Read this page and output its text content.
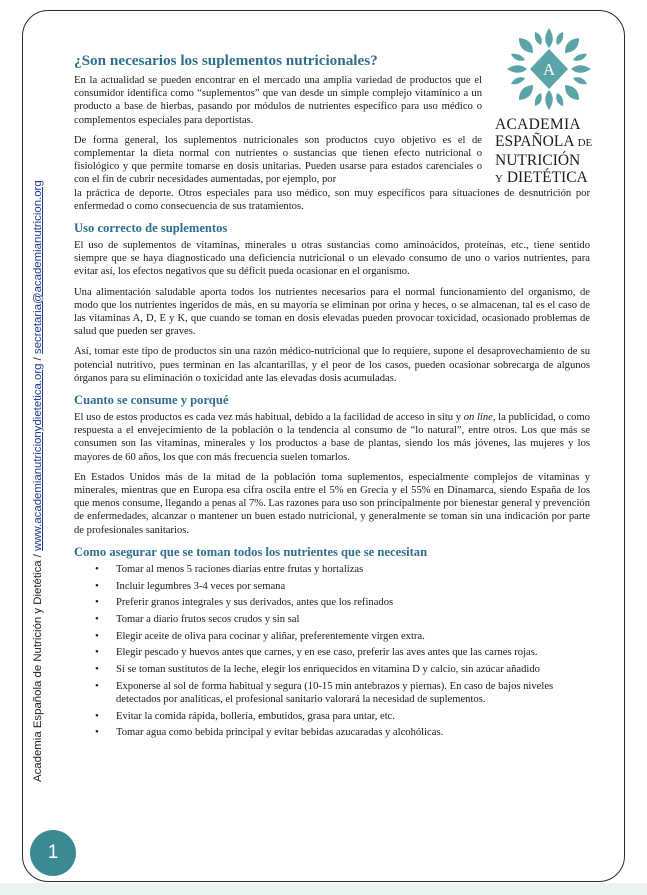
Academia Española de Nutrición y Dietética / www.academianutricionydietetica.org / secretaria@academianutricion.org
1
A
ACADEMIA
ESPAÑOLA DE
NUTRICIÓN
Y DIETÉTICA
¿Son necesarios los suplementos nutricionales?

En la actualidad se pueden encontrar en el mercado una amplia variedad de productos que el consumidor identifica como “suplementos” que van desde un simple complejo vitamínico a un producto a base de hierbas, pasando por módulos de nutrientes específico para uso médico o complementos especiales para deportistas.

De forma general, los suplementos nutricionales son productos cuyo objetivo es el de complementar la dieta normal con nutrientes o sustancias que tienen efecto nutricional o fisiológico y que permite tomarse en dosis unitarias. Pueden usarse para estados carenciales o con el fin de cubrir necesidades aumentadas, por ejemplo, por

la práctica de deporte. Otros especiales para uso médico, son muy específicos para situaciones de desnutrición por enfermedad o como consecuencia de sus tratamientos.

Uso correcto de suplementos

El uso de suplementos de vitaminas, minerales u otras sustancias como aminoácidos, proteínas, etc., tiene sentido siempre que se haya diagnosticado una deficiencia nutricional o un elevado consumo de uno o varios nutrientes, para evitar así, los efectos negativos que su déficit pueda ocasionar en el organismo.

Una alimentación saludable aporta todos los nutrientes necesarios para el normal funcionamiento del organismo, de modo que los nutrientes ingeridos de más, en su mayoría se eliminan por orina y heces, o se almacenan, tal es el caso de las vitaminas A, D, E y K, que cuando se toman en dosis elevadas pueden provocar toxicidad, ocasionado problemas de salud que pueden ser graves.

Así, tomar este tipo de productos sin una razón médico-nutricional que lo requiere, supone el desaprovechamiento de su potencial nutritivo, pues terminan en las alcantarillas, y el peor de los casos, pueden ocasionar sobrecarga de algunos órganos para su eliminación o toxicidad ante las elevadas dosis acumuladas.

Cuanto se consume y porqué

El uso de estos productos es cada vez más habitual, debido a la facilidad de acceso in situ y on line, la publicidad, o como respuesta a el envejecimiento de la población o la tendencia al consumo de “lo natural”, entre otros. Los que más se consumen son las vitaminas, minerales y los productos a base de plantas, siendo los más jóvenes, las mujeres y los mayores de 60 años, los que con más frecuencia suelen tomarlos.

En Estados Unidos más de la mitad de la población toma suplementos, especialmente complejos de vitaminas y minerales, mientras que en Europa esa cifra oscila entre el 5% en Grecia y el 55% en Dinamarca, siendo España de los que menos consume, llegando a penas al 7%. Las razones para uso son principalmente por bienestar general y prevención de enfermedades, alcanzar o mantener un buen estado nutricional, y generalmente se toman sin una indicación por parte de profesionales sanitarios.

Como asegurar que se toman todos los nutrientes que se necesitan
• Tomar al menos 5 raciones diarias entre frutas y hortalizas
• Incluir legumbres 3-4 veces por semana
• Preferir granos integrales y sus derivados, antes que los refinados
• Tomar a diario frutos secos crudos y sin sal
• Elegir aceite de oliva para cocinar y aliñar, preferentemente virgen extra.
• Elegir pescado y huevos antes que carnes, y en ese caso, preferir las aves antes que las carnes rojas.
• Si se toman sustitutos de la leche, elegir los enriquecidos en vitamina D y calcio, sin azúcar añadido
• Exponerse al sol de forma habitual y segura (10-15 min antebrazos y piernas). En caso de bajos niveles detectados por analíticas, el profesional sanitario valorará la necesidad de suplementos.
• Evitar la comida rápida, bollería, embutidos, grasa para untar, etc.
• Tomar agua como bebida principal y evitar bebidas azucaradas y alcohólicas.
